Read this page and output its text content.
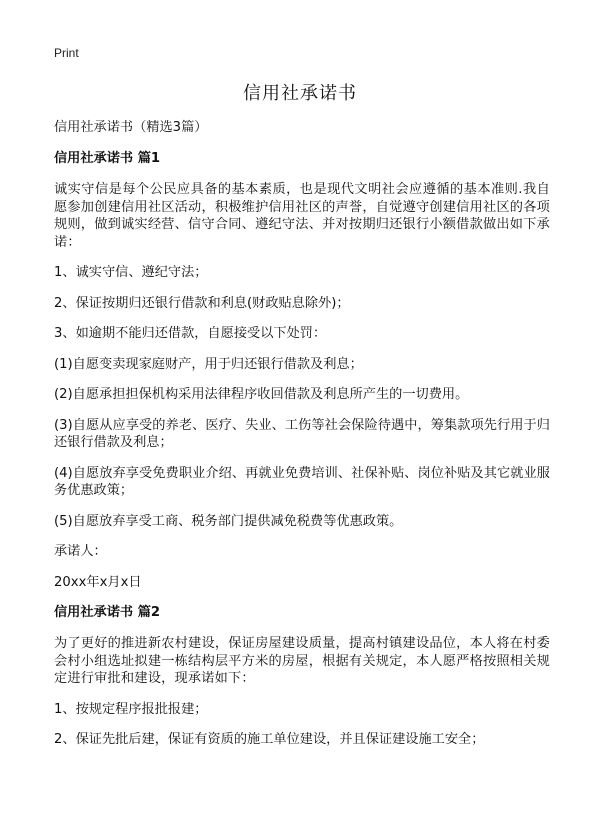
Print
信用社承诺书
信用社承诺书（精选3篇）
信用社承诺书 篇1
诚实守信是每个公民应具备的基本素质，也是现代文明社会应遵循的基本准则.我自愿参加创建信用社区活动，积极维护信用社区的声誉，自觉遵守创建信用社区的各项规则，做到诚实经营、信守合同、遵纪守法、并对按期归还银行小额借款做出如下承诺：
1、诚实守信、遵纪守法；
2、保证按期归还银行借款和利息(财政贴息除外)；
3、如逾期不能归还借款，自愿接受以下处罚：
(1)自愿变卖现家庭财产，用于归还银行借款及利息；
(2)自愿承担担保机构采用法律程序收回借款及利息所产生的一切费用。
(3)自愿从应享受的养老、医疗、失业、工伤等社会保险待遇中，筹集款项先行用于归还银行借款及利息；
(4)自愿放弃享受免费职业介绍、再就业免费培训、社保补贴、岗位补贴及其它就业服务优惠政策；
(5)自愿放弃享受工商、税务部门提供减免税费等优惠政策。
承诺人：
20xx年x月x日
信用社承诺书 篇2
为了更好的推进新农村建设，保证房屋建设质量，提高村镇建设品位，本人将在村委会村小组选址拟建一栋结构层平方米的房屋，根据有关规定，本人愿严格按照相关规定进行审批和建设，现承诺如下：
1、按规定程序报批报建；
2、保证先批后建，保证有资质的施工单位建设，并且保证建设施工安全；
